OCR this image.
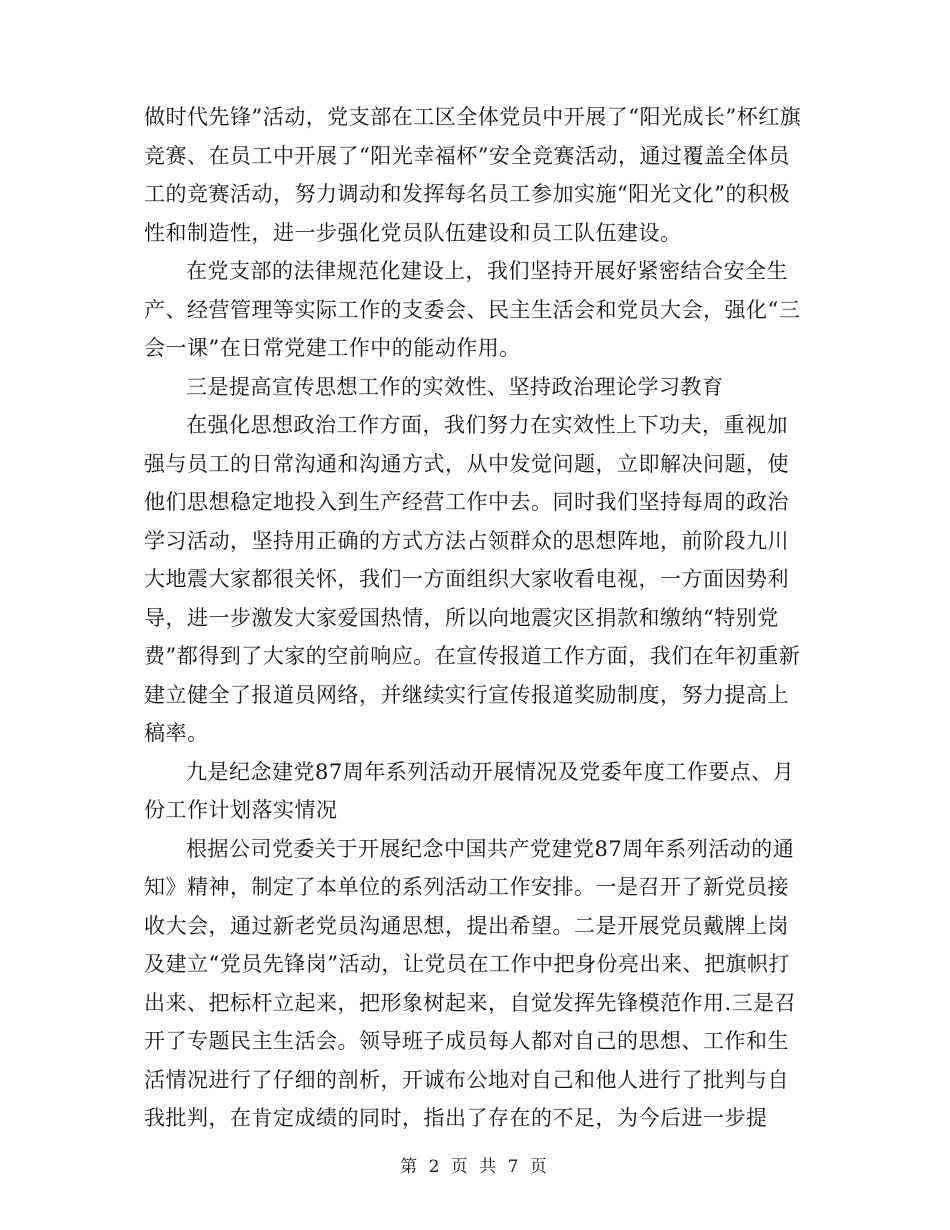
做时代先锋”活动，党支部在工区全体党员中开展了“阳光成长”杯红旗竞赛、在员工中开展了“阳光幸福杯”安全竞赛活动，通过覆盖全体员工的竞赛活动，努力调动和发挥每名员工参加实施“阳光文化”的积极性和制造性，进一步强化党员队伍建设和员工队伍建设。

在党支部的法律规范化建设上，我们坚持开展好紧密结合安全生产、经营管理等实际工作的支委会、民主生活会和党员大会，强化“三会一课”在日常党建工作中的能动作用。

三是提高宣传思想工作的实效性、坚持政治理论学习教育

在强化思想政治工作方面，我们努力在实效性上下功夫，重视加强与员工的日常沟通和沟通方式，从中发觉问题，立即解决问题，使他们思想稳定地投入到生产经营工作中去。同时我们坚持每周的政治学习活动，坚持用正确的方式方法占领群众的思想阵地，前阶段九川大地震大家都很关怀，我们一方面组织大家收看电视，一方面因势利导，进一步激发大家爱国热情，所以向地震灾区捐款和缴纳“特别党费”都得到了大家的空前响应。在宣传报道工作方面，我们在年初重新建立健全了报道员网络，并继续实行宣传报道奖励制度，努力提高上稿率。

九是纪念建党87周年系列活动开展情况及党委年度工作要点、月份工作计划落实情况

根据公司党委关于开展纪念中国共产党建党87周年系列活动的通知》精神，制定了本单位的系列活动工作安排。一是召开了新党员接收大会，通过新老党员沟通思想，提出希望。二是开展党员戴牌上岗及建立“党员先锋岗”活动，让党员在工作中把身份亮出来、把旗帜打出来、把标杆立起来，把形象树起来，自觉发挥先锋模范作用.三是召开了专题民主生活会。领导班子成员每人都对自己的思想、工作和生活情况进行了仔细的剖析，开诚布公地对自己和他人进行了批判与自我批判，在肯定成绩的同时，指出了存在的不足，为今后进一步提

第 2 页 共 7 页
